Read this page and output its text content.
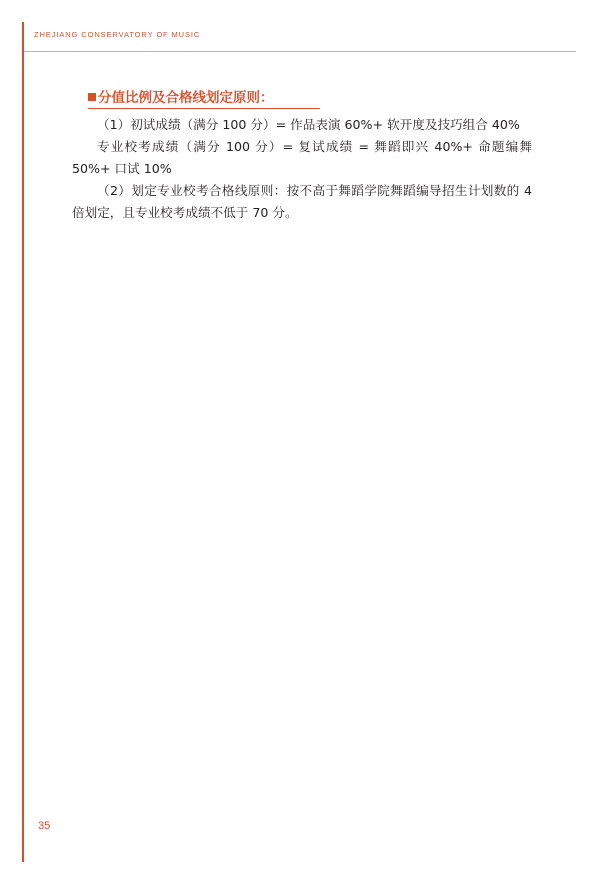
ZHEJIANG CONSERVATORY OF MUSIC
分值比例及合格线划定原则：

（1）初试成绩（满分 100 分）= 作品表演 60%+ 软开度及技巧组合 40%

专业校考成绩（满分 100 分）= 复试成绩 = 舞蹈即兴 40%+ 命题编舞 50%+ 口试 10%

（2）划定专业校考合格线原则：按不高于舞蹈学院舞蹈编导招生计划数的 4 倍划定，且专业校考成绩不低于 70 分。

35
